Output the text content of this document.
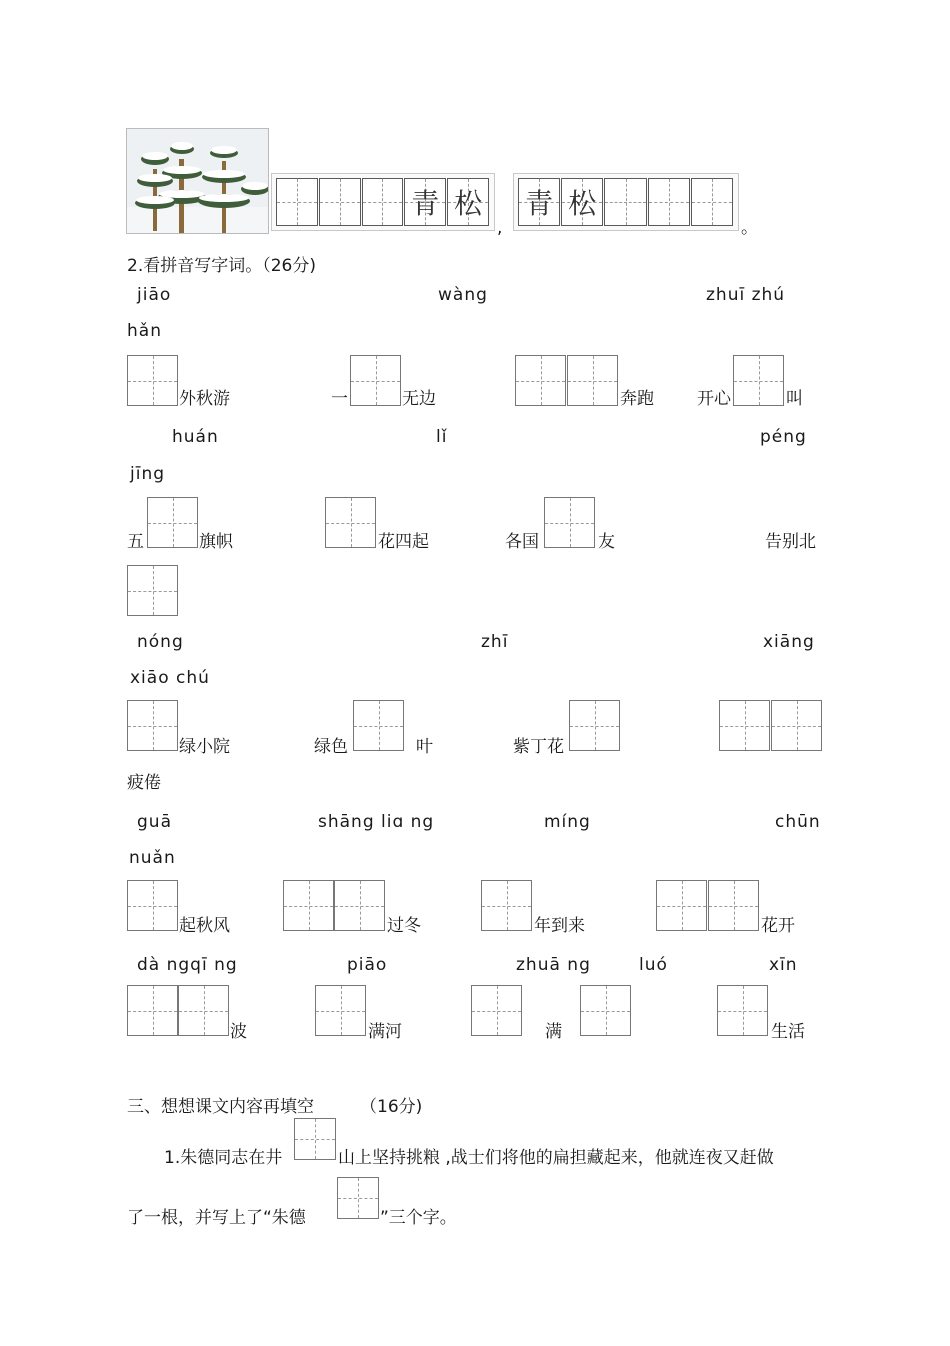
青 松
,
青 松
。
2.看拼音写字词。（26分)
jiāo	wàng	zhuī zhú
hǎn
外秋游	一	无边	奔跑	开心	叫
huán	lǐ	péng
jīng
五	旗帜	花四起	各国	友	告别北
nóng	zhī	xiāng
xiāo chú
绿小院	绿色	叶	紫丁花
疲倦
guā	shāng liɑ ng	míng	chūn
nuǎn
起秋风	过冬	年到来	花开
dà ngqī ng	piāo	zhuā ng	luó	xīn
波	满河	满	生活
三、想想课文内容再填空	（16分)
1.朱德同志在井	山上坚持挑粮 ,战士们将他的扁担藏起来，他就连夜又赶做
了一根，并写上了“朱德	”三个字。
